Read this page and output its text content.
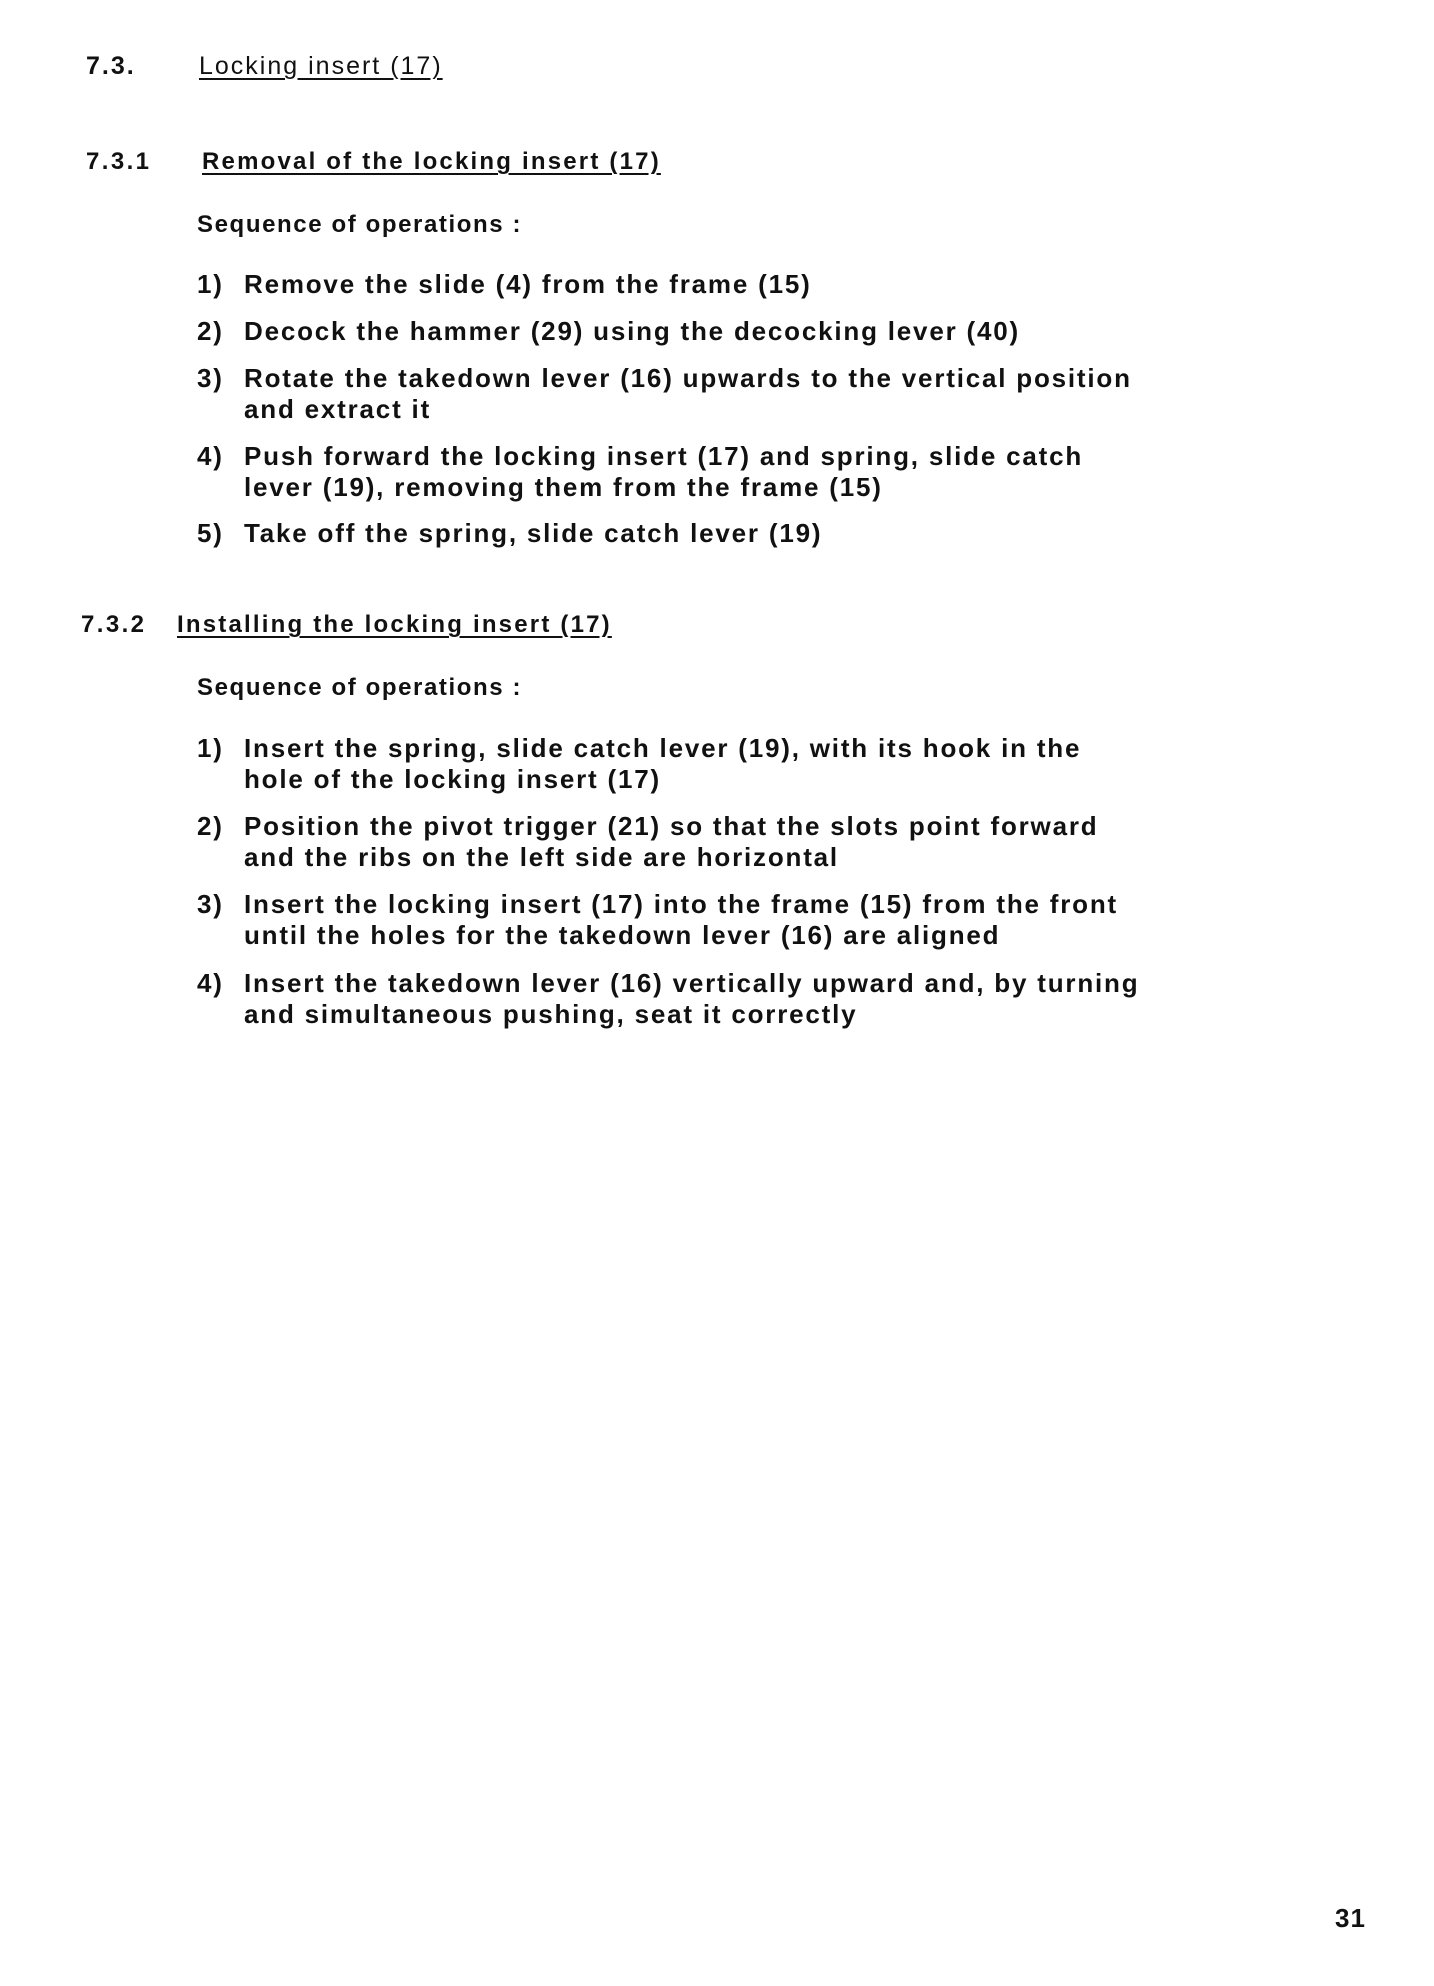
7.3.	Locking insert (17)
7.3.1 Removal of the locking insert (17)
Sequence of operations :
1) Remove the slide (4) from the frame (15)
2) Decock the hammer (29) using the decocking lever (40)
3) Rotate the takedown lever (16) upwards to the vertical position
and extract it
4) Push forward the locking insert (17) and spring, slide catch
lever (19), removing them from the frame (15)
5) Take off the spring, slide catch lever (19)
7.3.2 Installing the locking insert (17)
Sequence of operations :
1) Insert the spring, slide catch lever (19), with its hook in the
hole of the locking insert (17)
2) Position the pivot trigger (21) so that the slots point forward
and the ribs on the left side are horizontal
3) Insert the locking insert (17) into the frame (15) from the front
until the holes for the takedown lever (16) are aligned
4) Insert the takedown lever (16) vertically upward and, by turning
and simultaneous pushing, seat it correctly
31
